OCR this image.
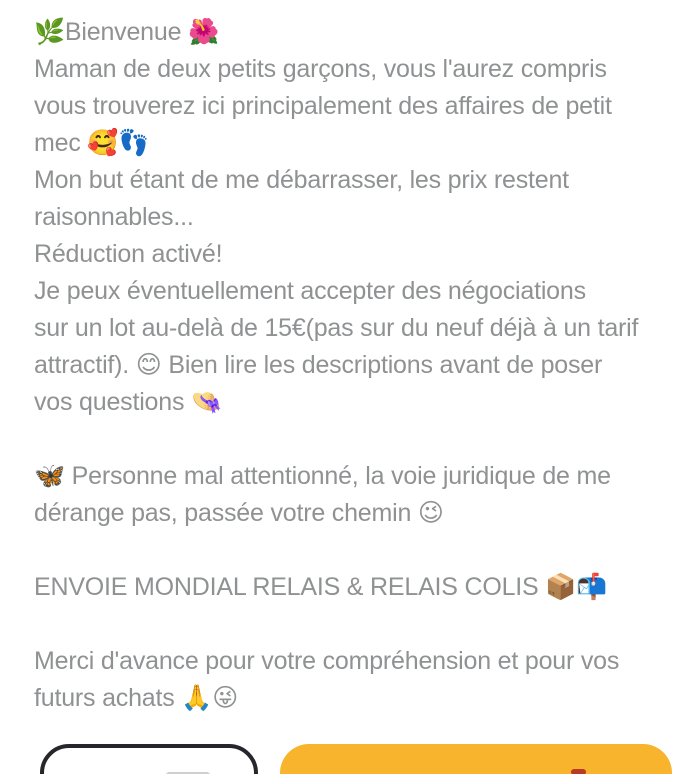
🌿Bienvenue 🌺
Maman de deux petits garçons, vous l'aurez compris
vous trouverez ici principalement des affaires de petit
mec 🥰👣
Mon but étant de me débarrasser, les prix restent
raisonnables...
Réduction activé!
Je peux éventuellement accepter des négociations
sur un lot au-delà de 15€(pas sur du neuf déjà à un tarif
attractif). 😊 Bien lire les descriptions avant de poser
vos questions 👒
🦋 Personne mal attentionné, la voie juridique de me
dérange pas, passée votre chemin 😉
ENVOIE MONDIAL RELAIS & RELAIS COLIS 📦📬
Merci d'avance pour votre compréhension et pour vos
futurs achats 🙏😜
